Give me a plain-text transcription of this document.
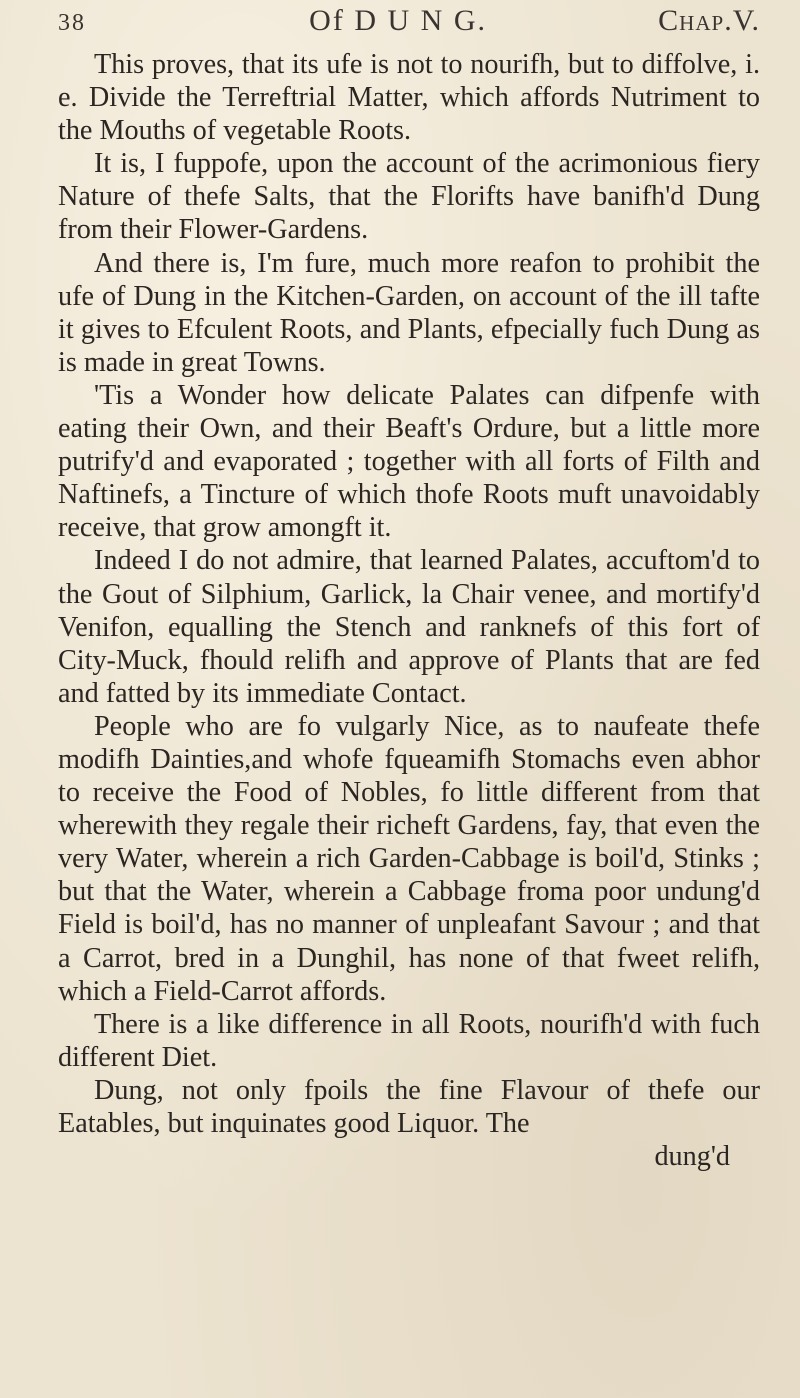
38	Of D U N G.	Chap.V.

This proves, that its ufe is not to nourifh, but to diffolve, i. e. Divide the Terreftrial Matter, which affords Nutriment to the Mouths of vegetable Roots.

It is, I fuppofe, upon the account of the acrimonious fiery Nature of thefe Salts, that the Florifts have banifh'd Dung from their Flower-Gardens.

And there is, I'm fure, much more reafon to prohibit the ufe of Dung in the Kitchen-Garden, on account of the ill tafte it gives to Efculent Roots, and Plants, efpecially fuch Dung as is made in great Towns.

'Tis a Wonder how delicate Palates can difpenfe with eating their Own, and their Beaft's Ordure, but a little more putrify'd and evaporated ; together with all forts of Filth and Naftinefs, a Tincture of which thofe Roots muft unavoidably receive, that grow amongft it.

Indeed I do not admire, that learned Palates, accuftom'd to the Gout of Silphium, Garlick, la Chair venee, and mortify'd Venifon, equalling the Stench and ranknefs of this fort of City-Muck, fhould relifh and approve of Plants that are fed and fatted by its immediate Contact.

People who are fo vulgarly Nice, as to naufeate thefe modifh Dainties,and whofe fqueamifh Stomachs even abhor to receive the Food of Nobles, fo little different from that wherewith they regale their richeft Gardens, fay, that even the very Water, wherein a rich Garden-Cabbage is boil'd, Stinks ; but that the Water, wherein a Cabbage froma poor undung'd Field is boil'd, has no manner of unpleafant Savour ; and that a Carrot, bred in a Dunghil, has none of that fweet relifh, which a Field-Carrot affords.

There is a like difference in all Roots, nourifh'd with fuch different Diet.

Dung, not only fpoils the fine Flavour of thefe our Eatables, but inquinates good Liquor. The

dung'd
